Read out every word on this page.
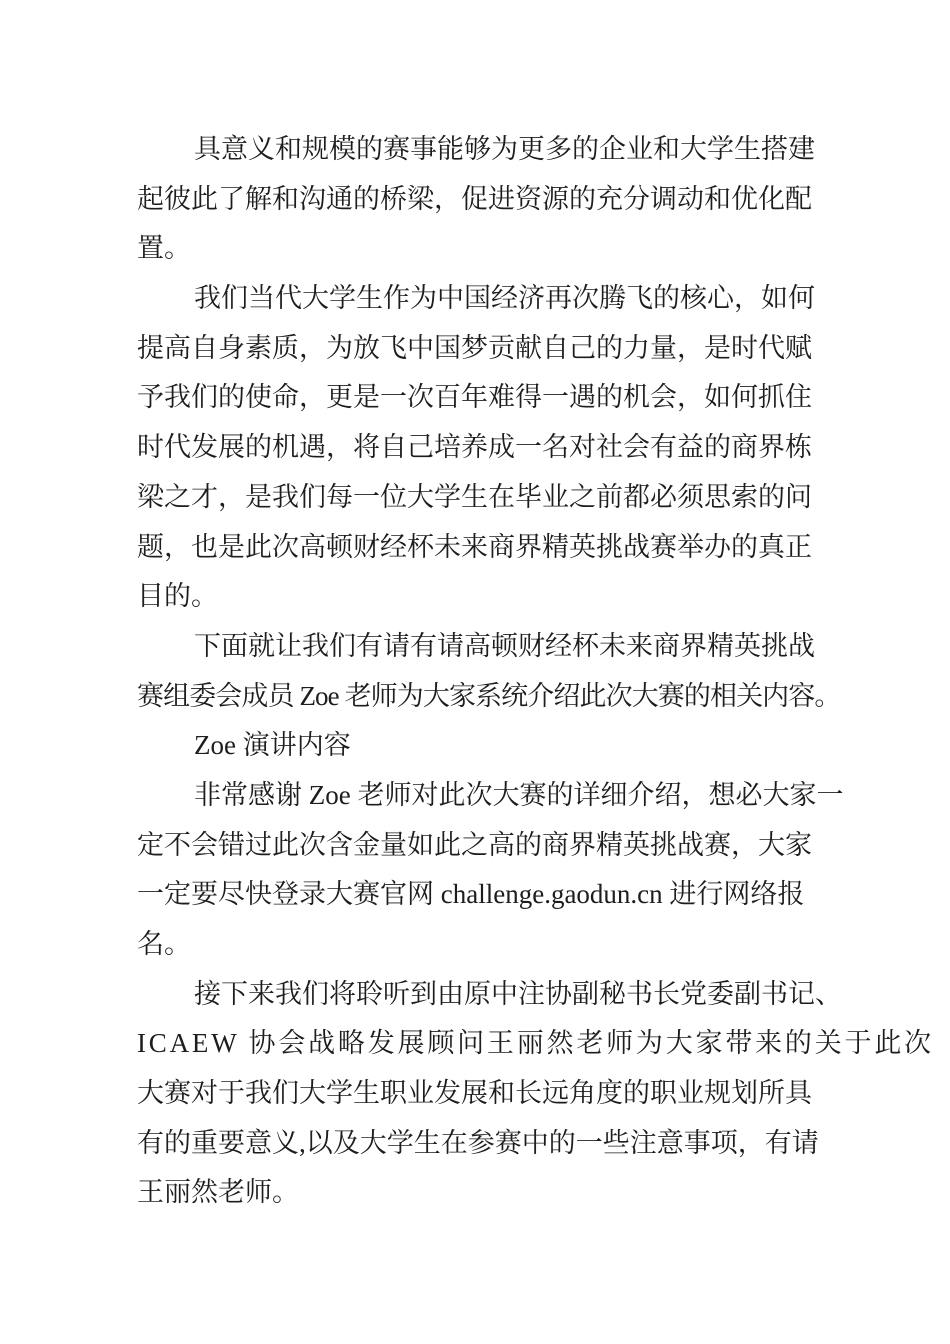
具意义和规模的赛事能够为更多的企业和大学生搭建
起彼此了解和沟通的桥梁，促进资源的充分调动和优化配
置。
我们当代大学生作为中国经济再次腾飞的核心，如何
提高自身素质，为放飞中国梦贡献自己的力量，是时代赋
予我们的使命，更是一次百年难得一遇的机会，如何抓住
时代发展的机遇，将自己培养成一名对社会有益的商界栋
梁之才，是我们每一位大学生在毕业之前都必须思索的问
题，也是此次高顿财经杯未来商界精英挑战赛举办的真正
目的。
下面就让我们有请有请高顿财经杯未来商界精英挑战
赛组委会成员 Zoe 老师为大家系统介绍此次大赛的相关内容。
Zoe 演讲内容
非常感谢 Zoe 老师对此次大赛的详细介绍，想必大家一
定不会错过此次含金量如此之高的商界精英挑战赛，大家
一定要尽快登录大赛官网 challenge.gaodun.cn 进行网络报
名。
接下来我们将聆听到由原中注协副秘书长党委副书记、
ICAEW 协会战略发展顾问王丽然老师为大家带来的关于此次
大赛对于我们大学生职业发展和长远角度的职业规划所具
有的重要意义,以及大学生在参赛中的一些注意事项，有请
王丽然老师。
